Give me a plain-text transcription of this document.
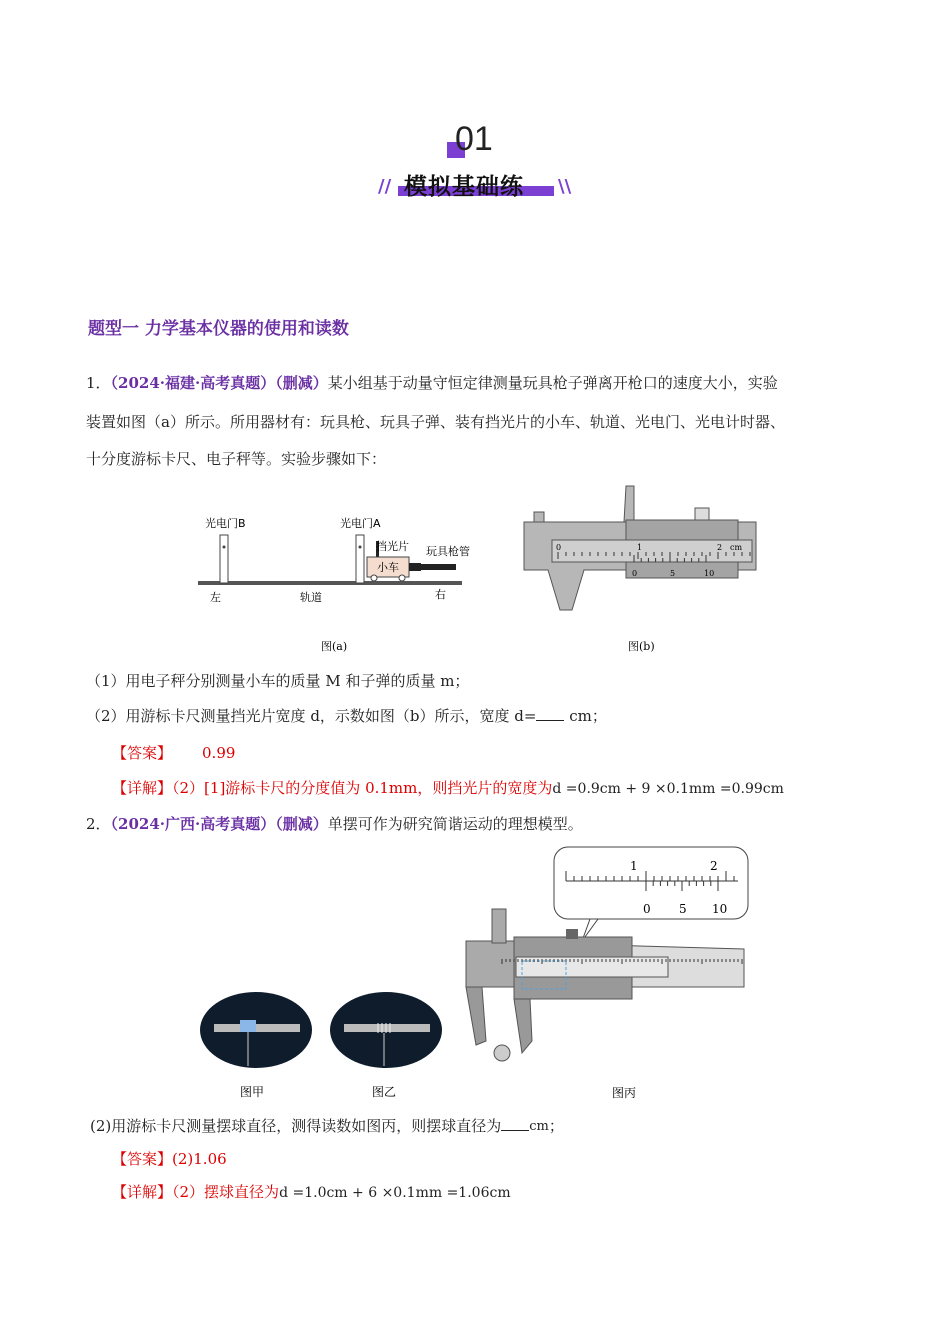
01
// 模拟基础练 \\
题型一 力学基本仪器的使用和读数
1．（2024·福建·高考真题）（删减）某小组基于动量守恒定律测量玩具枪子弹离开枪口的速度大小，实验
装置如图（a）所示。所用器材有：玩具枪、玩具子弹、装有挡光片的小车、轨道、光电门、光电计时器、
十分度游标卡尺、电子秤等。实验步骤如下：
光电门B	光电门A
挡光片 玩具枪管
小车
左	轨道	右
图(a)
0	1	2 cm
0	5	10
图(b)
（1）用电子秤分别测量小车的质量 M 和子弹的质量 m；
（2）用游标卡尺测量挡光片宽度 d，示数如图（b）所示，宽度 d= cm；
【答案】 0.99
【详解】（2）[1]游标卡尺的分度值为 0.1mm，则挡光片的宽度为d =0.9cm + 9 ×0.1mm =0.99cm
2．（2024·广西·高考真题）（删减）单摆可作为研究简谐运动的理想模型。
图甲	图乙
1	2
0 5 10
图丙
(2)用游标卡尺测量摆球直径，测得读数如图丙，则摆球直径为 cm；
【答案】(2)1.06
【详解】（2）摆球直径为d =1.0cm + 6 ×0.1mm =1.06cm
